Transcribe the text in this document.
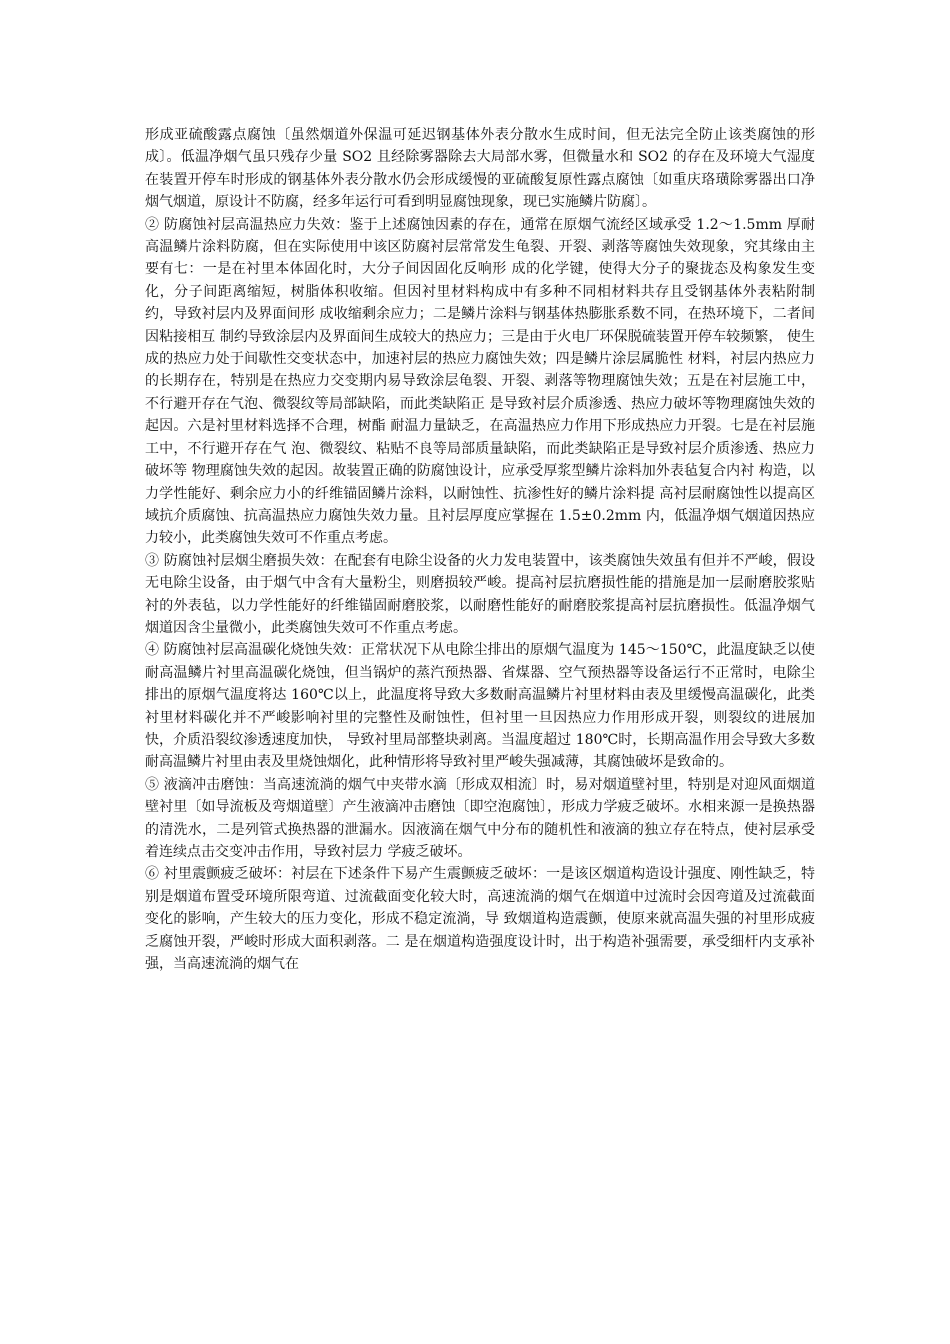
形成亚硫酸露点腐蚀〔虽然烟道外保温可延迟钢基体外表分散水生成时间，但无法完全防止该类腐蚀的形成〕。低温净烟气虽只残存少量 SO2 且经除雾器除去大局部水雾，但微量水和 SO2 的存在及环境大气湿度在装置开停车时形成的钢基体外表分散水仍会形成缓慢的亚硫酸复原性露点腐蚀〔如重庆珞璜除雾器出口净烟气烟道，原设计不防腐，经多年运行可看到明显腐蚀现象，现已实施鳞片防腐〕。

② 防腐蚀衬层高温热应力失效：鉴于上述腐蚀因素的存在，通常在原烟气流经区域承受 1.2～1.5mm 厚耐高温鳞片涂料防腐，但在实际使用中该区防腐衬层常常发生龟裂、开裂、剥落等腐蚀失效现象，究其缘由主要有七：一是在衬里本体固化时，大分子间因固化反响形 成的化学键，使得大分子的聚拢态及构象发生变化，分子间距离缩短，树脂体积收缩。但因衬里材料构成中有多种不同相材料共存且受钢基体外表粘附制约，导致衬层内及界面间形 成收缩剩余应力；二是鳞片涂料与钢基体热膨胀系数不同，在热环境下，二者间因粘接相互 制约导致涂层内及界面间生成较大的热应力；三是由于火电厂环保脱硫装置开停车较频繁， 使生成的热应力处于间歇性交变状态中，加速衬层的热应力腐蚀失效；四是鳞片涂层属脆性 材料，衬层内热应力的长期存在，特别是在热应力交变期内易导致涂层龟裂、开裂、剥落等物理腐蚀失效；五是在衬层施工中，不行避开存在气泡、微裂纹等局部缺陷，而此类缺陷正 是导致衬层介质渗透、热应力破坏等物理腐蚀失效的起因。六是衬里材料选择不合理，树酯 耐温力量缺乏，在高温热应力作用下形成热应力开裂。七是在衬层施工中，不行避开存在气 泡、微裂纹、粘贴不良等局部质量缺陷，而此类缺陷正是导致衬层介质渗透、热应力破坏等 物理腐蚀失效的起因。故装置正确的防腐蚀设计，应承受厚浆型鳞片涂料加外表毡复合内衬 构造，以力学性能好、剩余应力小的纤维锚固鳞片涂料，以耐蚀性、抗渗性好的鳞片涂料提 高衬层耐腐蚀性以提高区域抗介质腐蚀、抗高温热应力腐蚀失效力量。且衬层厚度应掌握在 1.5±0.2mm 内，低温净烟气烟道因热应力较小，此类腐蚀失效可不作重点考虑。

③ 防腐蚀衬层烟尘磨损失效：在配套有电除尘设备的火力发电装置中，该类腐蚀失效虽有但并不严峻，假设无电除尘设备，由于烟气中含有大量粉尘，则磨损较严峻。提高衬层抗磨损性能的措施是加一层耐磨胶浆贴衬的外表毡，以力学性能好的纤维锚固耐磨胶浆，以耐磨性能好的耐磨胶浆提高衬层抗磨损性。低温净烟气烟道因含尘量微小，此类腐蚀失效可不作重点考虑。

④ 防腐蚀衬层高温碳化烧蚀失效：正常状况下从电除尘排出的原烟气温度为 145～150℃，此温度缺乏以使耐高温鳞片衬里高温碳化烧蚀，但当锅炉的蒸汽预热器、省煤器、空气预热器等设备运行不正常时，电除尘排出的原烟气温度将达 160℃以上，此温度将导致大多数耐高温鳞片衬里材料由表及里缓慢高温碳化，此类衬里材料碳化并不严峻影响衬里的完整性及耐蚀性，但衬里一旦因热应力作用形成开裂，则裂纹的进展加快，介质沿裂纹渗透速度加快， 导致衬里局部整块剥离。当温度超过 180℃时，长期高温作用会导致大多数耐高温鳞片衬里由表及里烧蚀烟化，此种情形将导致衬里严峻失强减薄，其腐蚀破坏是致命的。

⑤ 液滴冲击磨蚀：当高速流淌的烟气中夹带水滴〔形成双相流〕时，易对烟道壁衬里，特别是对迎风面烟道壁衬里〔如导流板及弯烟道壁〕产生液滴冲击磨蚀〔即空泡腐蚀〕，形成力学疲乏破坏。水相来源一是换热器的清洗水，二是列管式换热器的泄漏水。因液滴在烟气中分布的随机性和液滴的独立存在特点，使衬层承受着连续点击交变冲击作用，导致衬层力 学疲乏破坏。

⑥ 衬里震颤疲乏破坏：衬层在下述条件下易产生震颤疲乏破坏：一是该区烟道构造设计强度、刚性缺乏，特别是烟道布置受环境所限弯道、过流截面变化较大时，高速流淌的烟气在烟道中过流时会因弯道及过流截面变化的影响，产生较大的压力变化，形成不稳定流淌，导 致烟道构造震颤，使原来就高温失强的衬里形成疲乏腐蚀开裂，严峻时形成大面积剥落。二 是在烟道构造强度设计时，出于构造补强需要，承受细杆内支承补强，当高速流淌的烟气在
